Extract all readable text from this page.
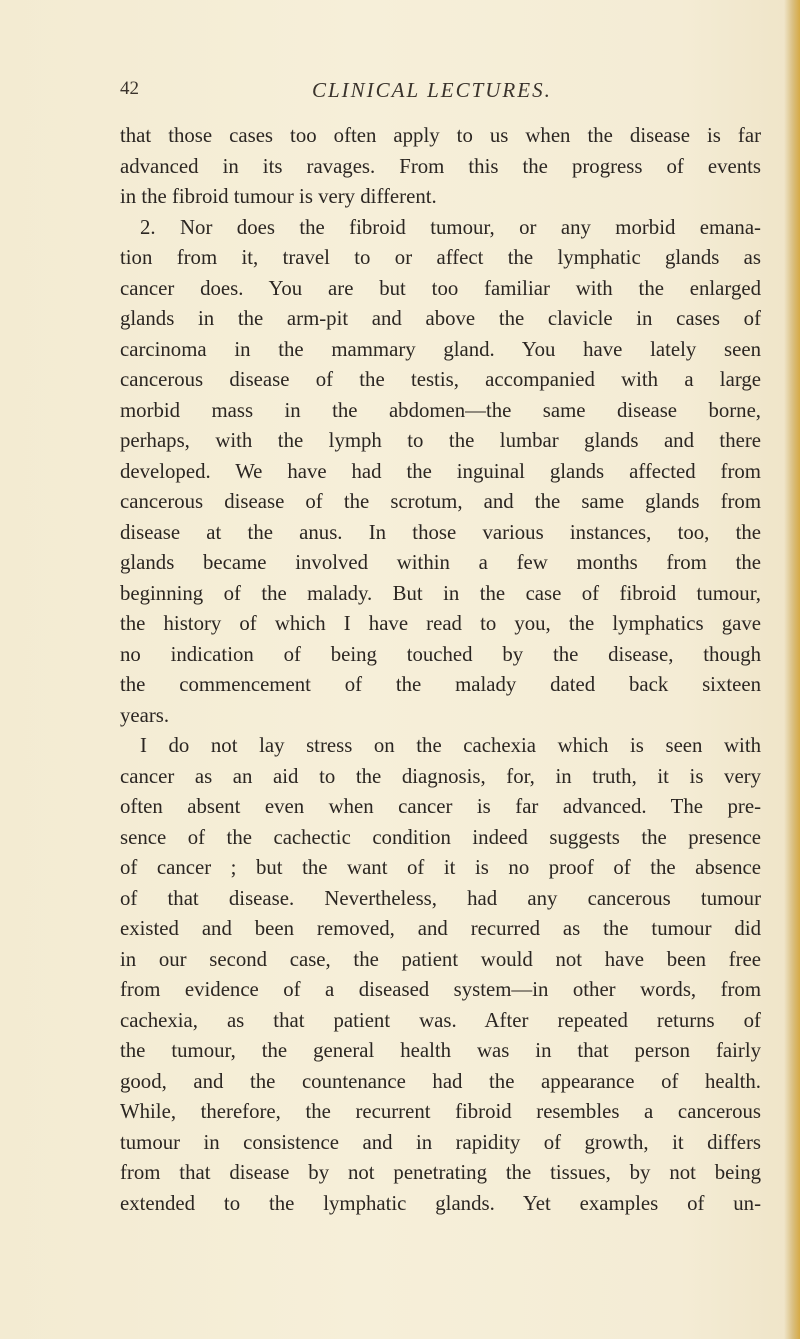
42	CLINICAL LECTURES.
that those cases too often apply to us when the disease is far
advanced in its ravages. From this the progress of events
in the fibroid tumour is very different.
2. Nor does the fibroid tumour, or any morbid emana-
tion from it, travel to or affect the lymphatic glands as
cancer does. You are but too familiar with the enlarged
glands in the arm-pit and above the clavicle in cases of
carcinoma in the mammary gland. You have lately seen
cancerous disease of the testis, accompanied with a large
morbid mass in the abdomen—the same disease borne,
perhaps, with the lymph to the lumbar glands and there
developed. We have had the inguinal glands affected from
cancerous disease of the scrotum, and the same glands from
disease at the anus. In those various instances, too, the
glands became involved within a few months from the
beginning of the malady. But in the case of fibroid tumour,
the history of which I have read to you, the lymphatics gave
no indication of being touched by the disease, though
the commencement of the malady dated back sixteen
years.
I do not lay stress on the cachexia which is seen with
cancer as an aid to the diagnosis, for, in truth, it is very
often absent even when cancer is far advanced. The pre-
sence of the cachectic condition indeed suggests the presence
of cancer ; but the want of it is no proof of the absence
of that disease. Nevertheless, had any cancerous tumour
existed and been removed, and recurred as the tumour did
in our second case, the patient would not have been free
from evidence of a diseased system—in other words, from
cachexia, as that patient was. After repeated returns of
the tumour, the general health was in that person fairly
good, and the countenance had the appearance of health.
While, therefore, the recurrent fibroid resembles a cancerous
tumour in consistence and in rapidity of growth, it differs
from that disease by not penetrating the tissues, by not being
extended to the lymphatic glands. Yet examples of un-
